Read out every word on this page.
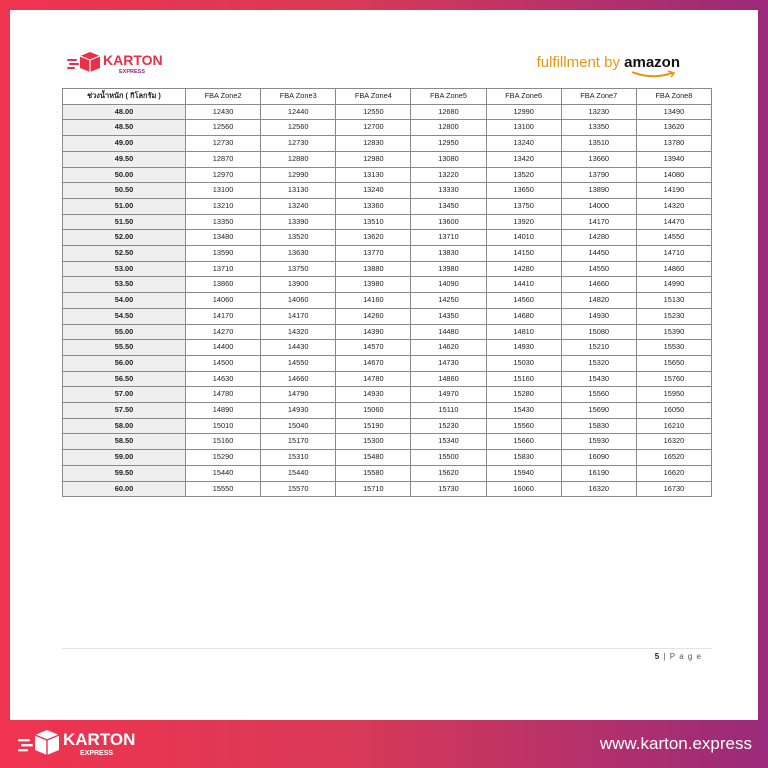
KARTON
EXPRESS
fulfillment by amazon
ช่วงน้ำหนัก ( กิโลกรัม )	FBA Zone2	FBA Zone3	FBA Zone4	FBA Zone5	FBA Zone6	FBA Zone7	FBA Zone8
48.00	12430	12440	12550	12680	12990	13230	13490
48.50	12560	12560	12700	12800	13100	13350	13620
49.00	12730	12730	12830	12950	13240	13510	13780
49.50	12870	12880	12980	13080	13420	13660	13940
50.00	12970	12990	13130	13220	13520	13790	14080
50.50	13100	13130	13240	13330	13650	13890	14190
51.00	13210	13240	13360	13450	13750	14000	14320
51.50	13350	13390	13510	13600	13920	14170	14470
52.00	13480	13520	13620	13710	14010	14280	14550
52.50	13590	13630	13770	13830	14150	14450	14710
53.00	13710	13750	13880	13980	14280	14550	14860
53.50	13860	13900	13980	14090	14410	14660	14990
54.00	14060	14060	14160	14250	14560	14820	15130
54.50	14170	14170	14260	14350	14680	14930	15230
55.00	14270	14320	14390	14480	14810	15080	15390
55.50	14400	14430	14570	14620	14930	15210	15530
56.00	14500	14550	14670	14730	15030	15320	15650
56.50	14630	14660	14780	14860	15160	15430	15760
57.00	14780	14790	14930	14970	15280	15560	15950
57.50	14890	14930	15060	15110	15430	15690	16050
58.00	15010	15040	15190	15230	15560	15830	16210
58.50	15160	15170	15300	15340	15660	15930	16320
59.00	15290	15310	15480	15500	15830	16090	16520
59.50	15440	15440	15580	15620	15940	16190	16620
60.00	15550	15570	15710	15730	16060	16320	16730
5 | P a g e
KARTON
EXPRESS
www.karton.express
